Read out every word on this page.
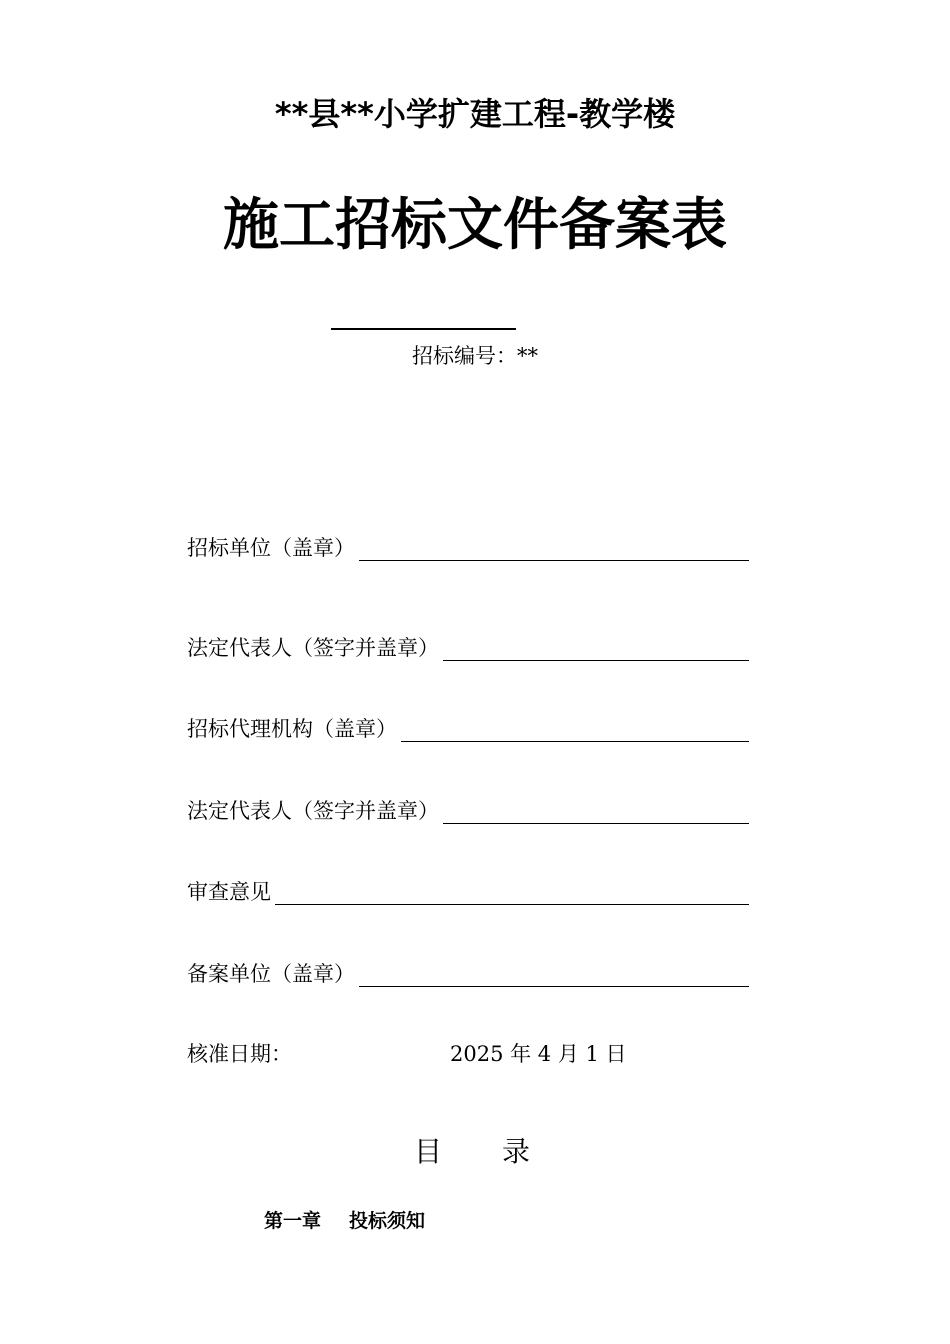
**县**小学扩建工程-教学楼
施工招标文件备案表
招标编号：**
招标单位（盖章）
法定代表人（签字并盖章）
招标代理机构（盖章）
法定代表人（签字并盖章）
审查意见
备案单位（盖章）
核准日期：	2025 年 4 月 1 日
目 录
第一章 投标须知
